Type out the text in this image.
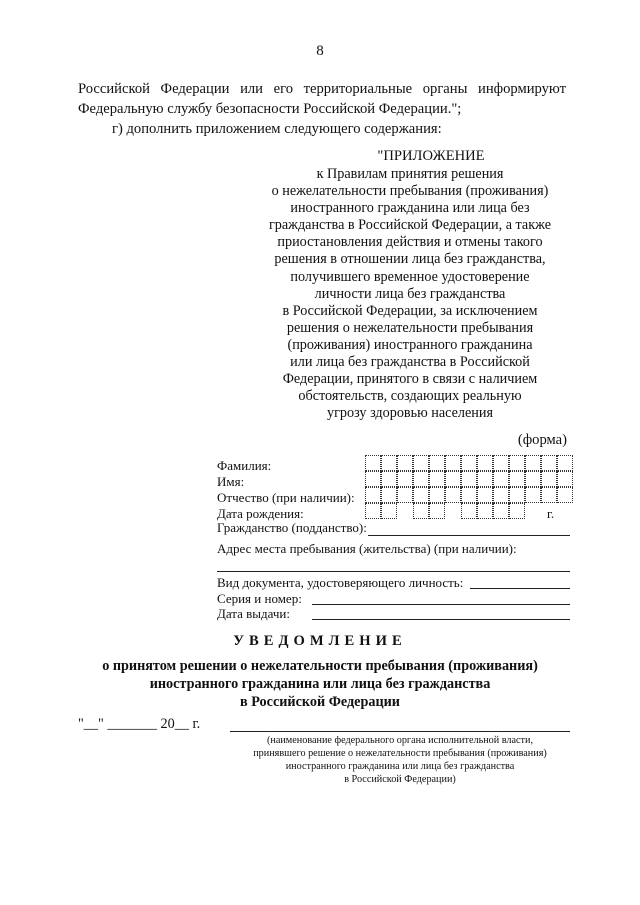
8
Российской Федерации или его территориальные органы информируют
Федеральную службу безопасности Российской Федерации.";
г) дополнить приложением следующего содержания:
"ПРИЛОЖЕНИЕ
к Правилам принятия решения
о нежелательности пребывания (проживания)
иностранного гражданина или лица без
гражданства в Российской Федерации, а также
приостановления действия и отмены такого
решения в отношении лица без гражданства,
получившего временное удостоверение
личности лица без гражданства
в Российской Федерации, за исключением
решения о нежелательности пребывания
(проживания) иностранного гражданина
или лица без гражданства в Российской
Федерации, принятого в связи с наличием
обстоятельств, создающих реальную
угрозу здоровью населения
(форма)
Фамилия:
Имя:
Отчество (при наличии):
Дата рождения:	г.
Гражданство (подданство):
Адрес места пребывания (жительства) (при наличии):
Вид документа, удостоверяющего личность:
Серия и номер:
Дата выдачи:
УВЕДОМЛЕНИЕ
о принятом решении о нежелательности пребывания (проживания)
иностранного гражданина или лица без гражданства
в Российской Федерации
"__" _______ 20__ г.
(наименование федерального органа исполнительной власти,
принявшего решение о нежелательности пребывания (проживания)
иностранного гражданина или лица без гражданства
в Российской Федерации)
